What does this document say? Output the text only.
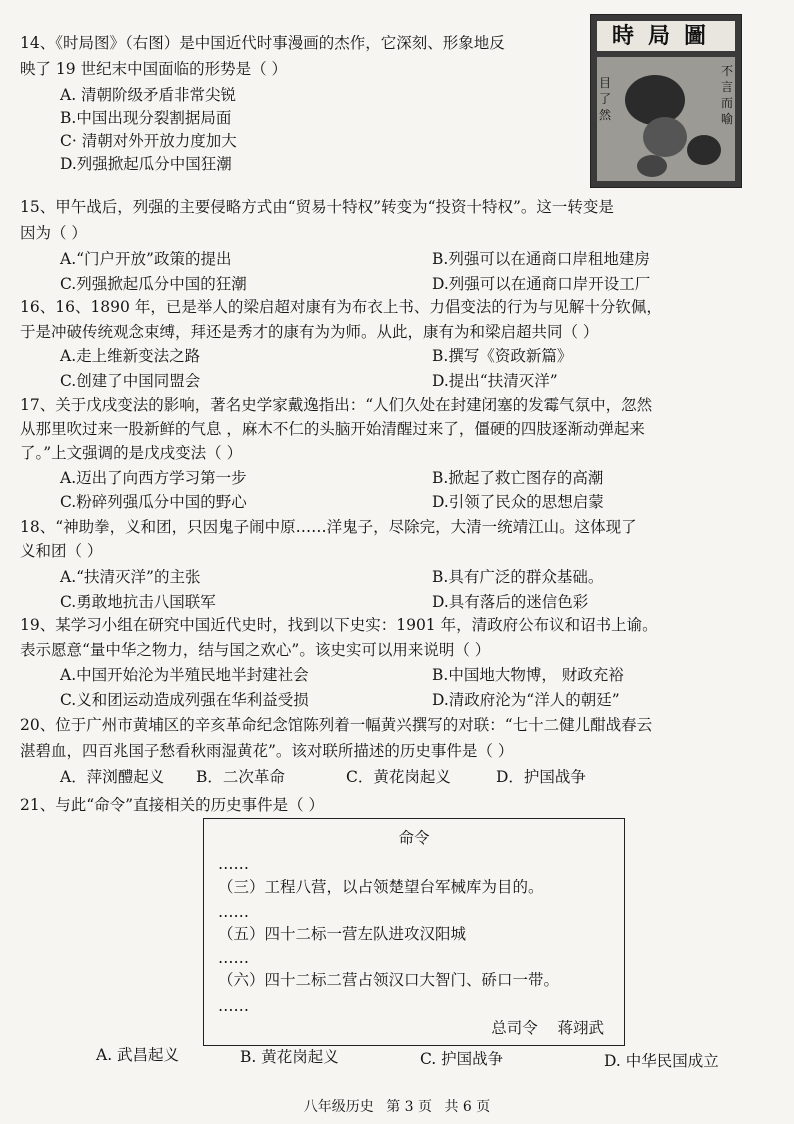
14、《时局图》（右图）是中国近代时事漫画的杰作，它深刻、形象地反
映了 19 世纪末中国面临的形势是（ ）
A. 清朝阶级矛盾非常尖锐
B.中国出现分裂割据局面
C· 清朝对外开放力度加大
D.列强掀起瓜分中国狂潮
時局圖
目了然
不言而喻
15、甲午战后，列强的主要侵略方式由“贸易十特权”转变为“投资十特权”。这一转变是
因为（ ）
A.“门户开放”政策的提出	B.列强可以在通商口岸租地建房
C.列强掀起瓜分中国的狂潮	D.列强可以在通商口岸开设工厂
16、16、1890 年，已是举人的梁启超对康有为布衣上书、力倡变法的行为与见解十分钦佩，
于是冲破传统观念束缚，拜还是秀才的康有为为师。从此，康有为和梁启超共同（ ）
A.走上维新变法之路	B.撰写《资政新篇》
C.创建了中国同盟会	D.提出“扶清灭洋”
17、关于戊戌变法的影响，著名史学家戴逸指出：“人们久处在封建闭塞的发霉气氛中，忽然
从那里吹过来一股新鲜的气息 ，麻木不仁的头脑开始清醒过来了，僵硬的四肢逐渐动弹起来
了。”上文强调的是戊戌变法（ ）
A.迈出了向西方学习第一步	B.掀起了救亡图存的高潮
C.粉碎列强瓜分中国的野心	D.引领了民众的思想启蒙
18、“神助拳，义和团，只因鬼子闹中原……洋鬼子，尽除完，大清一统靖江山。这体现了
义和团（ ）
A.“扶清灭洋”的主张	B.具有广泛的群众基础。
C.勇敢地抗击八国联军	D.具有落后的迷信色彩
19、某学习小组在研究中国近代史时，找到以下史实：1901 年，清政府公布议和诏书上谕。
表示愿意“量中华之物力，结与国之欢心”。该史实可以用来说明（ ）
A.中国开始沦为半殖民地半封建社会	B.中国地大物博， 财政充裕
C.义和团运动造成列强在华利益受损	D.清政府沦为“洋人的朝廷”
20、位于广州市黄埔区的辛亥革命纪念馆陈列着一幅黄兴撰写的对联：“七十二健儿酣战春云
湛碧血，四百兆国子愁看秋雨湿黄花”。该对联所描述的历史事件是（ ）
A．萍浏醴起义 B．二次革命	C．黄花岗起义	D．护国战争
21、与此“命令”直接相关的历史事件是（ ）
命令
……
（三）工程八营，以占领楚望台军械库为目的。
……
（五）四十二标一营左队进攻汉阳城
……
（六）四十二标二营占领汉口大智门、硚口一带。
……
总司令 蒋翊武
A. 武昌起义	B. 黄花岗起义	C. 护国战争	D. 中华民国成立
八年级历史 第 3 页 共 6 页
